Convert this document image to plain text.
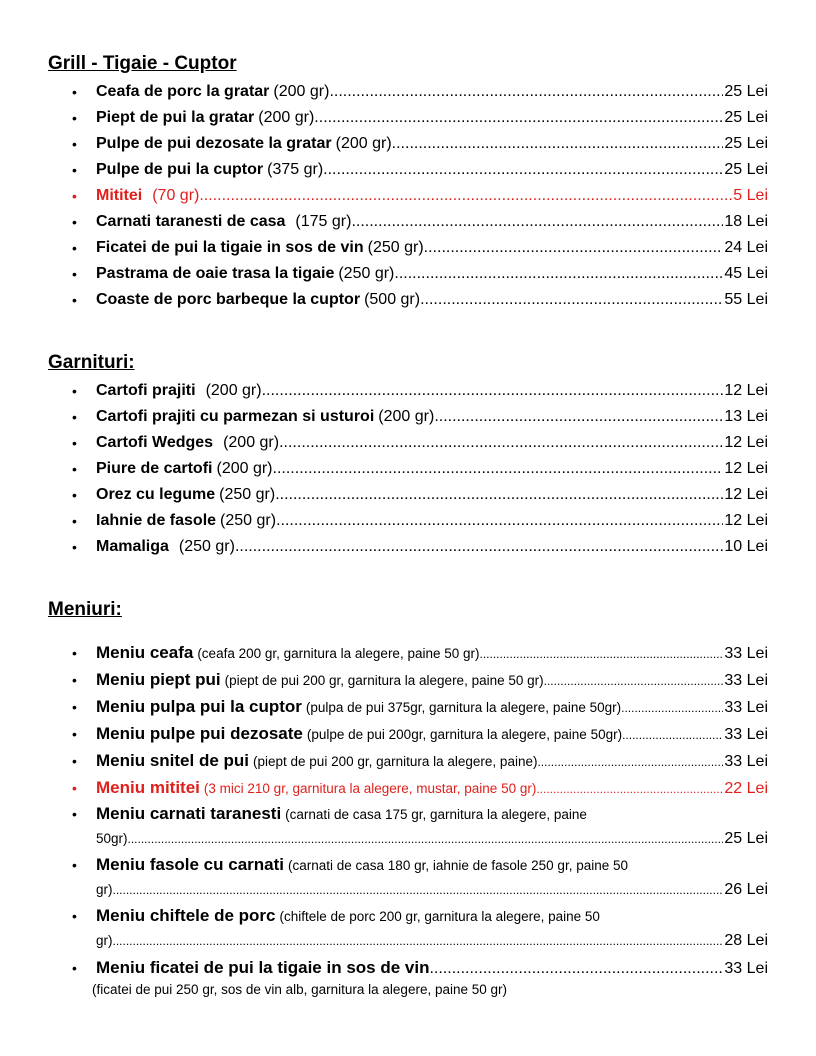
Grill - Tigaie - Cuptor
• Ceafa de porc la gratar (200 gr) .....	25 Lei
• Piept de pui la gratar (200 gr) .....	25 Lei
• Pulpe de pui dezosate la gratar (200 gr) .....	25 Lei
• Pulpe de pui la cuptor (375 gr) .....	25 Lei
• Mititei (70 gr) .....	5 Lei
• Carnati taranesti de casa (175 gr) .....	18 Lei
• Ficatei de pui la tigaie in sos de vin (250 gr) .....	24 Lei
• Pastrama de oaie trasa la tigaie (250 gr) .....	45 Lei
• Coaste de porc barbeque la cuptor (500 gr) .....	55 Lei
Garnituri:
• Cartofi prajiti (200 gr) .....	12 Lei
• Cartofi prajiti cu parmezan si usturoi (200 gr) .....	13 Lei
• Cartofi Wedges (200 gr) .....	12 Lei
• Piure de cartofi (200 gr) .....	12 Lei
• Orez cu legume (250 gr) .....	12 Lei
• Iahnie de fasole (250 gr) .....	12 Lei
• Mamaliga (250 gr) .....	10 Lei
Meniuri:
• Meniu ceafa (ceafa 200 gr, garnitura la alegere, paine 50 gr) .....	33 Lei
• Meniu piept pui (piept de pui 200 gr, garnitura la alegere, paine 50 gr) .....	33 Lei
• Meniu pulpa pui la cuptor (pulpa de pui 375gr, garnitura la alegere, paine 50gr) .....	33 Lei
• Meniu pulpe pui dezosate (pulpe de pui 200gr, garnitura la alegere, paine 50gr) .....	33 Lei
• Meniu snitel de pui (piept de pui 200 gr, garnitura la alegere, paine) .....	33 Lei
• Meniu mititei (3 mici 210 gr, garnitura la alegere, mustar, paine 50 gr) .....	22 Lei
• Meniu carnati taranesti (carnati de casa 175 gr, garnitura la alegere, paine
50gr) .....	25 Lei
• Meniu fasole cu carnati (carnati de casa 180 gr, iahnie de fasole 250 gr, paine 50
gr) .....	26 Lei
• Meniu chiftele de porc (chiftele de porc 200 gr, garnitura la alegere, paine 50
gr) .....	28 Lei
• Meniu ficatei de pui la tigaie in sos de vin .....	33 Lei
(ficatei de pui 250 gr, sos de vin alb, garnitura la alegere, paine 50 gr)
